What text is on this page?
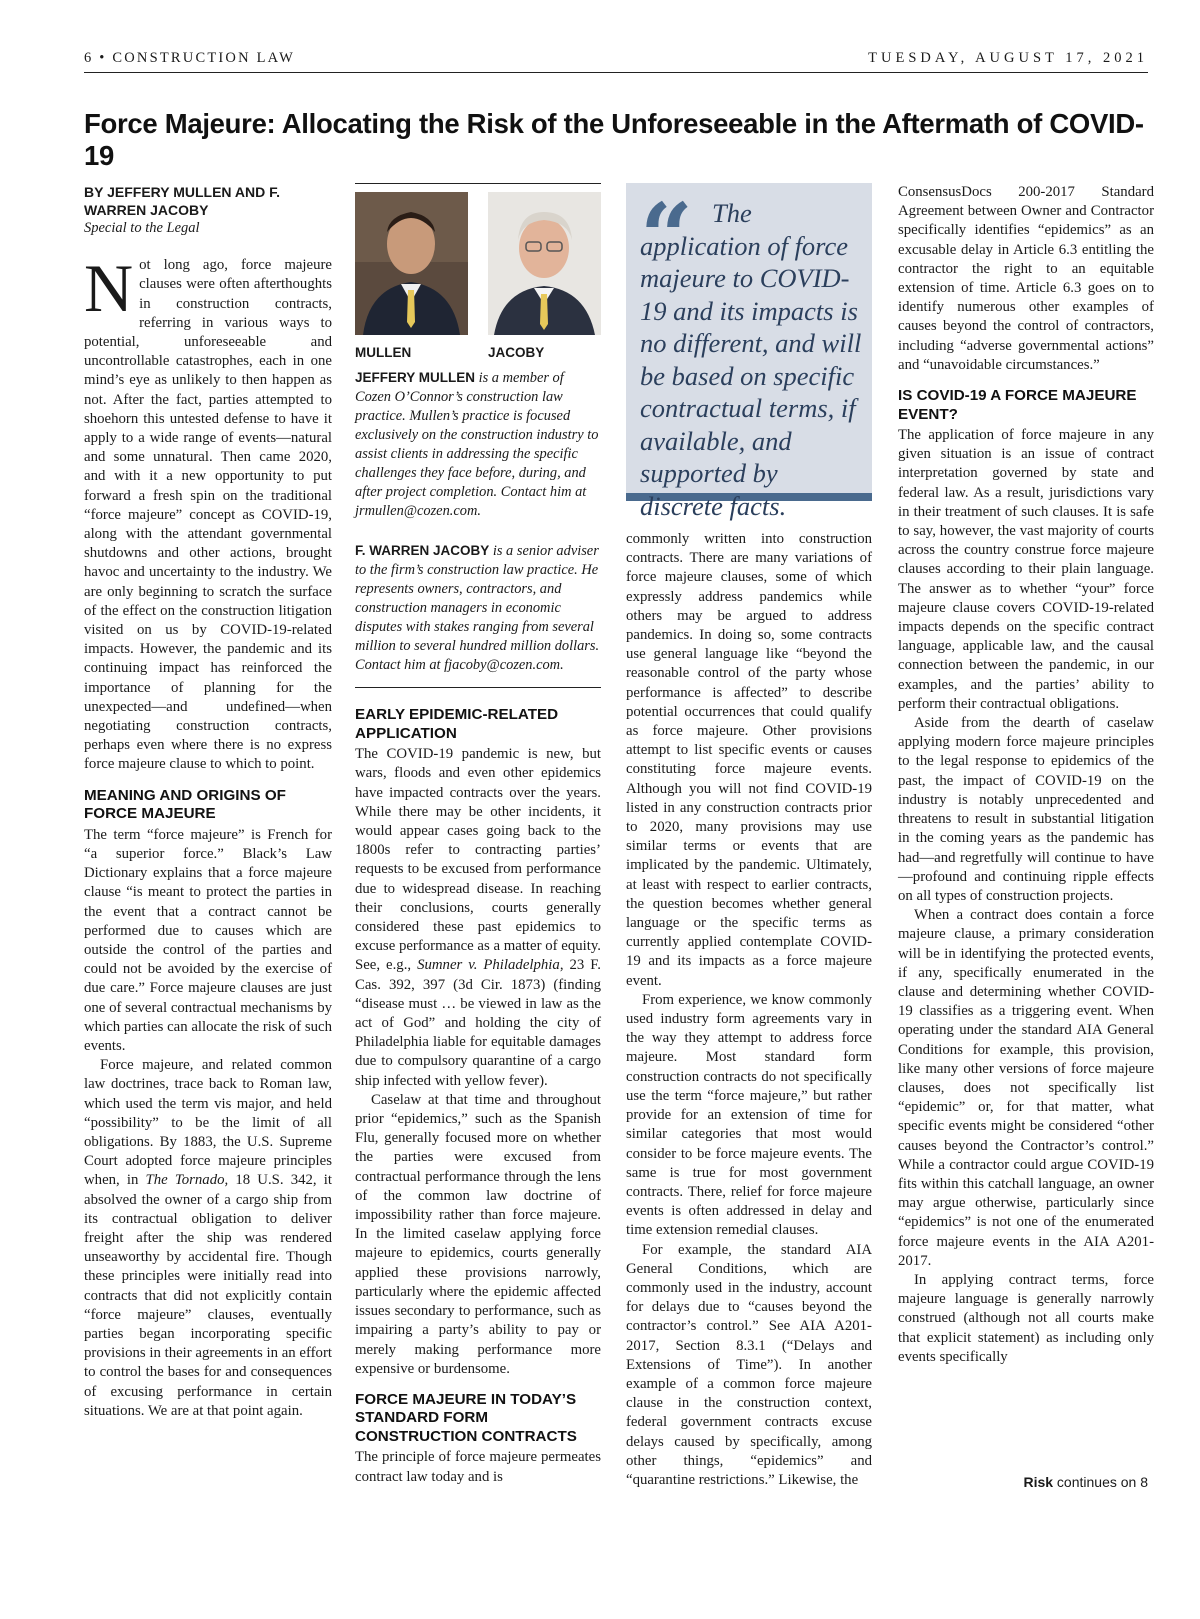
6 • CONSTRUCTION LAW	TUESDAY, AUGUST 17, 2021
Force Majeure: Allocating the Risk of the Unforeseeable in the Aftermath of COVID-19
BY JEFFERY MULLEN AND F. WARREN JACOBY
Special to the Legal

Not long ago, force majeure clauses were often afterthoughts in construction contracts, referring in various ways to potential, unforeseeable and uncontrollable catastrophes, each in one mind’s eye as unlikely to then happen as not. After the fact, parties attempted to shoehorn this untested defense to have it apply to a wide range of events—natural and some unnatural. Then came 2020, and with it a new opportunity to put forward a fresh spin on the traditional “force majeure” concept as COVID-19, along with the attendant governmental shutdowns and other actions, brought havoc and uncertainty to the industry. We are only beginning to scratch the surface of the effect on the construction litigation visited on us by COVID-19-related impacts. However, the pandemic and its continuing impact has reinforced the importance of planning for the unexpected—and undefined—when negotiating construction contracts, perhaps even where there is no express force majeure clause to which to point.

MEANING AND ORIGINS OF FORCE MAJEURE

The term “force majeure” is French for “a superior force.” Black’s Law Dictionary explains that a force majeure clause “is meant to protect the parties in the event that a contract cannot be performed due to causes which are outside the control of the parties and could not be avoided by the exercise of due care.” Force majeure clauses are just one of several contractual mechanisms by which parties can allocate the risk of such events.

Force majeure, and related common law doctrines, trace back to Roman law, which used the term vis major, and held “possibility” to be the limit of all obligations. By 1883, the U.S. Supreme Court adopted force majeure principles when, in The Tornado, 18 U.S. 342, it absolved the owner of a cargo ship from its contractual obligation to deliver freight after the ship was rendered unseaworthy by accidental fire. Though these principles were initially read into contracts that did not explicitly contain “force majeure” clauses, eventually parties began incorporating specific provisions in their agreements in an effort to control the bases for and consequences of excusing performance in certain situations. We are at that point again.

MULLEN	JACOBY
JEFFERY MULLEN is a member of Cozen O’Connor’s construction law practice. Mullen’s practice is focused exclusively on the construction industry to assist clients in addressing the specific challenges they face before, during, and after project completion. Contact him at jrmullen@cozen.com.
F. WARREN JACOBY is a senior adviser to the firm’s construction law practice. He represents owners, contractors, and construction managers in economic disputes with stakes ranging from several million to several hundred million dollars. Contact him at fjacoby@cozen.com.
EARLY EPIDEMIC-RELATED APPLICATION

The COVID-19 pandemic is new, but wars, floods and even other epidemics have impacted contracts over the years. While there may be other incidents, it would appear cases going back to the 1800s refer to contracting parties’ requests to be excused from performance due to widespread disease. In reaching their conclusions, courts generally considered these past epidemics to excuse performance as a matter of equity. See, e.g., Sumner v. Philadelphia, 23 F. Cas. 392, 397 (3d Cir. 1873) (finding “disease must … be viewed in law as the act of God” and holding the city of Philadelphia liable for equitable damages due to compulsory quarantine of a cargo ship infected with yellow fever).

Caselaw at that time and throughout prior “epidemics,” such as the Spanish Flu, generally focused more on whether the parties were excused from contractual performance through the lens of the common law doctrine of impossibility rather than force majeure. In the limited caselaw applying force majeure to epidemics, courts generally applied these provisions narrowly, particularly where the epidemic affected issues secondary to performance, such as impairing a party’s ability to pay or merely making performance more expensive or burdensome.

FORCE MAJEURE IN TODAY’S STANDARD FORM CONSTRUCTION CONTRACTS

The principle of force majeure permeates contract law today and is

“ The application of force majeure to COVID-19 and its impacts is no different, and will be based on specific contractual terms, if available, and supported by discrete facts.

commonly written into construction contracts. There are many variations of force majeure clauses, some of which expressly address pandemics while others may be argued to address pandemics. In doing so, some contracts use general language like “beyond the reasonable control of the party whose performance is affected” to describe potential occurrences that could qualify as force majeure. Other provisions attempt to list specific events or causes constituting force majeure events. Although you will not find COVID-19 listed in any construction contracts prior to 2020, many provisions may use similar terms or events that are implicated by the pandemic. Ultimately, at least with respect to earlier contracts, the question becomes whether general language or the specific terms as currently applied contemplate COVID-19 and its impacts as a force majeure event.

From experience, we know commonly used industry form agreements vary in the way they attempt to address force majeure. Most standard form construction contracts do not specifically use the term “force majeure,” but rather provide for an extension of time for similar categories that most would consider to be force majeure events. The same is true for most government contracts. There, relief for force majeure events is often addressed in delay and time extension remedial clauses.

For example, the standard AIA General Conditions, which are commonly used in the industry, account for delays due to “causes beyond the contractor’s control.” See AIA A201-2017, Section 8.3.1 (“Delays and Extensions of Time”). In another example of a common force majeure clause in the construction context, federal government contracts excuse delays caused by specifically, among other things, “epidemics” and “quarantine restrictions.” Likewise, the

ConsensusDocs 200-2017 Standard Agreement between Owner and Contractor specifically identifies “epidemics” as an excusable delay in Article 6.3 entitling the contractor the right to an equitable extension of time. Article 6.3 goes on to identify numerous other examples of causes beyond the control of contractors, including “adverse governmental actions” and “unavoidable circumstances.”

IS COVID-19 A FORCE MAJEURE EVENT?

The application of force majeure in any given situation is an issue of contract interpretation governed by state and federal law. As a result, jurisdictions vary in their treatment of such clauses. It is safe to say, however, the vast majority of courts across the country construe force majeure clauses according to their plain language. The answer as to whether “your” force majeure clause covers COVID-19-related impacts depends on the specific contract language, applicable law, and the causal connection between the pandemic, in our examples, and the parties’ ability to perform their contractual obligations.

Aside from the dearth of caselaw applying modern force majeure principles to the legal response to epidemics of the past, the impact of COVID-19 on the industry is notably unprecedented and threatens to result in substantial litigation in the coming years as the pandemic has had—and regretfully will continue to have—profound and continuing ripple effects on all types of construction projects.

When a contract does contain a force majeure clause, a primary consideration will be in identifying the protected events, if any, specifically enumerated in the clause and determining whether COVID-19 classifies as a triggering event. When operating under the standard AIA General Conditions for example, this provision, like many other versions of force majeure clauses, does not specifically list “epidemic” or, for that matter, what specific events might be considered “other causes beyond the Contractor’s control.” While a contractor could argue COVID-19 fits within this catchall language, an owner may argue otherwise, particularly since “epidemics” is not one of the enumerated force majeure events in the AIA A201-2017.

In applying contract terms, force majeure language is generally narrowly construed (although not all courts make that explicit statement) as including only events specifically

Risk continues on 8
